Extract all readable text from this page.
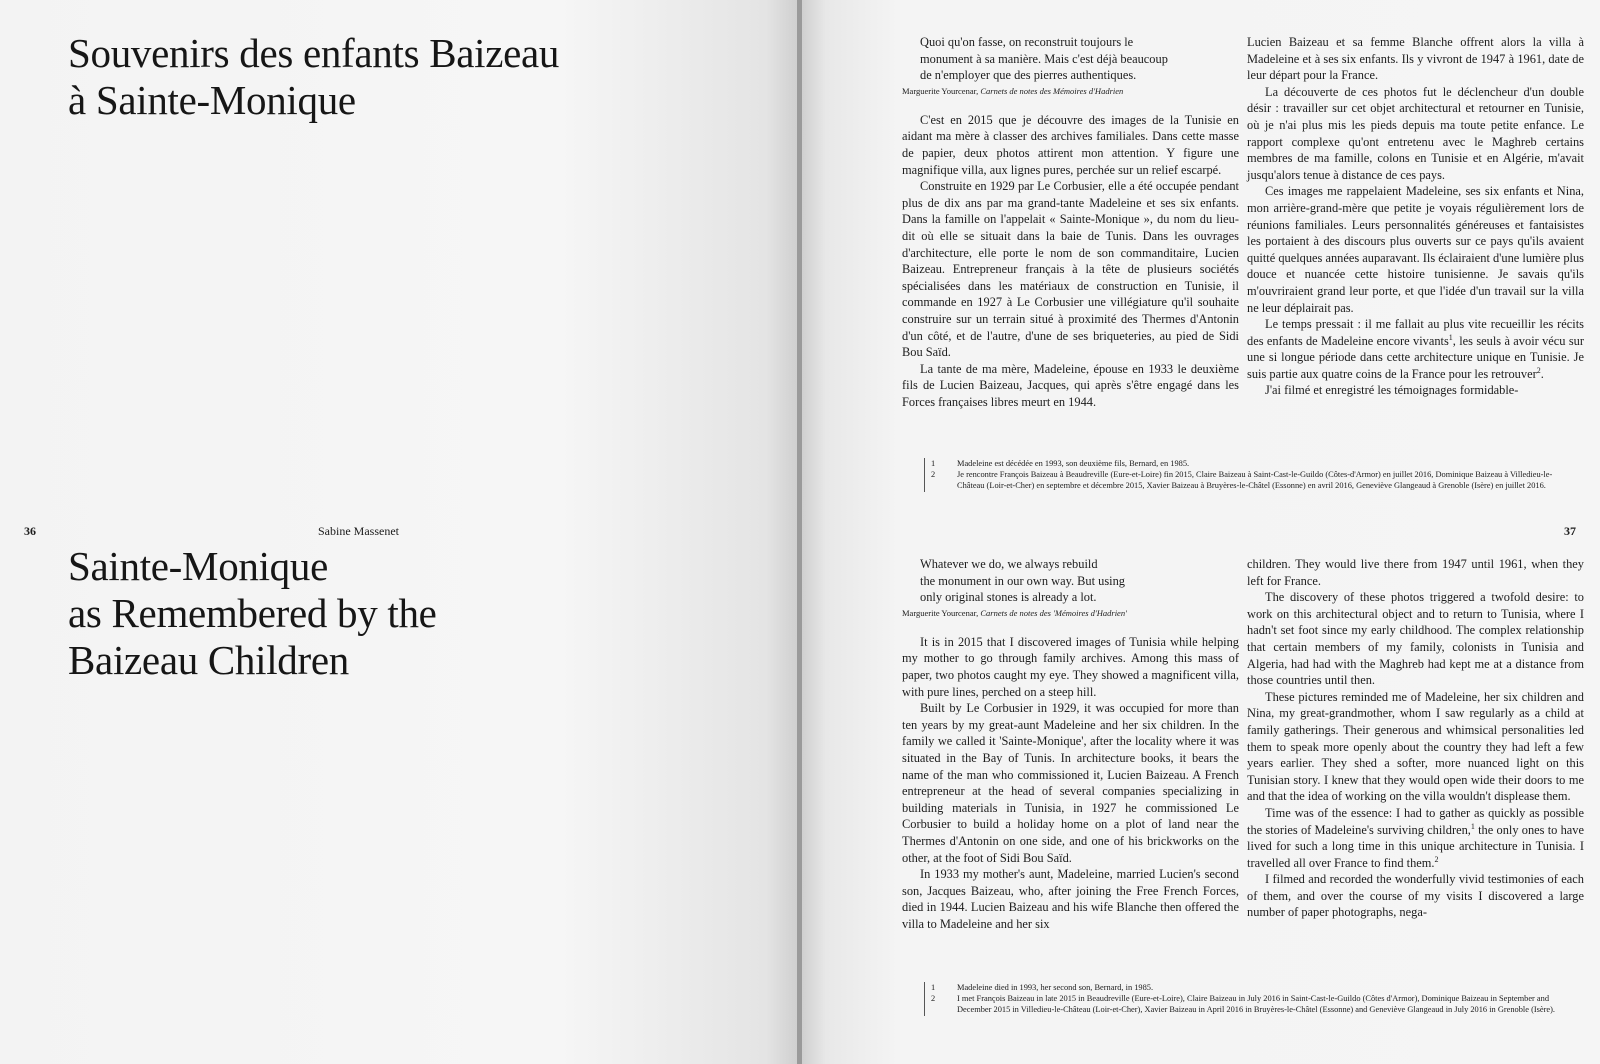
Souvenirs des enfants Baizeau
à Sainte-Monique
36	Sabine Massenet
Sainte-Monique
as Remembered by the
Baizeau Children
Quoi qu'on fasse, on reconstruit toujours le
monument à sa manière. Mais c'est déjà beaucoup
de n'employer que des pierres authentiques.
Marguerite Yourcenar, Carnets de notes des Mémoires d'Hadrien

C'est en 2015 que je découvre des images de la Tunisie en aidant ma mère à classer des archives familiales. Dans cette masse de papier, deux photos attirent mon attention. Y figure une magnifique villa, aux lignes pures, perchée sur un relief escarpé.

Construite en 1929 par Le Corbusier, elle a été occupée pendant plus de dix ans par ma grand-tante Madeleine et ses six enfants. Dans la famille on l'appelait « Sainte-Monique », du nom du lieu-dit où elle se situait dans la baie de Tunis. Dans les ouvrages d'architecture, elle porte le nom de son commanditaire, Lucien Baizeau. Entrepreneur français à la tête de plusieurs sociétés spécialisées dans les matériaux de construction en Tunisie, il commande en 1927 à Le Corbusier une villégiature qu'il souhaite construire sur un terrain situé à proximité des Thermes d'Antonin d'un côté, et de l'autre, d'une de ses briqueteries, au pied de Sidi Bou Saïd.

La tante de ma mère, Madeleine, épouse en 1933 le deuxième fils de Lucien Baizeau, Jacques, qui après s'être engagé dans les Forces françaises libres meurt en 1944.

Lucien Baizeau et sa femme Blanche offrent alors la villa à Madeleine et à ses six enfants. Ils y vivront de 1947 à 1961, date de leur départ pour la France.

La découverte de ces photos fut le déclencheur d'un double désir : travailler sur cet objet architectural et retourner en Tunisie, où je n'ai plus mis les pieds depuis ma toute petite enfance. Le rapport complexe qu'ont entretenu avec le Maghreb certains membres de ma famille, colons en Tunisie et en Algérie, m'avait jusqu'alors tenue à distance de ces pays.

Ces images me rappelaient Madeleine, ses six enfants et Nina, mon arrière-grand-mère que petite je voyais régulièrement lors de réunions familiales. Leurs personnalités généreuses et fantaisistes les portaient à des discours plus ouverts sur ce pays qu'ils avaient quitté quelques années auparavant. Ils éclairaient d'une lumière plus douce et nuancée cette histoire tunisienne. Je savais qu'ils m'ouvriraient grand leur porte, et que l'idée d'un travail sur la villa ne leur déplairait pas.

Le temps pressait : il me fallait au plus vite recueillir les récits des enfants de Madeleine encore vivants$^1$, les seuls à avoir vécu sur une si longue période dans cette architecture unique en Tunisie. Je suis partie aux quatre coins de la France pour les retrouver$^2$.

J'ai filmé et enregistré les témoignages formidable-

1	Madeleine est décédée en 1993, son deuxième fils, Bernard, en 1985.
2	Je rencontre François Baizeau à Beaudreville (Eure-et-Loire) fin 2015, Claire Baizeau à Saint-Cast-le-Guildo (Côtes-d'Armor) en juillet 2016, Dominique Baizeau à Villedieu-le-Château (Loir-et-Cher) en septembre et décembre 2015, Xavier Baizeau à Bruyères-le-Châtel (Essonne) en avril 2016, Geneviève Glangeaud à Grenoble (Isère) en juillet 2016.
37
Whatever we do, we always rebuild
the monument in our own way. But using
only original stones is already a lot.
Marguerite Yourcenar, Carnets de notes des 'Mémoires d'Hadrien'

It is in 2015 that I discovered images of Tunisia while helping my mother to go through family archives. Among this mass of paper, two photos caught my eye. They showed a magnificent villa, with pure lines, perched on a steep hill.

Built by Le Corbusier in 1929, it was occupied for more than ten years by my great-aunt Madeleine and her six children. In the family we called it 'Sainte-Monique', after the locality where it was situated in the Bay of Tunis. In architecture books, it bears the name of the man who commissioned it, Lucien Baizeau. A French entrepreneur at the head of several companies specializing in building materials in Tunisia, in 1927 he commissioned Le Corbusier to build a holiday home on a plot of land near the Thermes d'Antonin on one side, and one of his brickworks on the other, at the foot of Sidi Bou Saïd.

In 1933 my mother's aunt, Madeleine, married Lucien's second son, Jacques Baizeau, who, after joining the Free French Forces, died in 1944. Lucien Baizeau and his wife Blanche then offered the villa to Madeleine and her six

children. They would live there from 1947 until 1961, when they left for France.

The discovery of these photos triggered a twofold desire: to work on this architectural object and to return to Tunisia, where I hadn't set foot since my early childhood. The complex relationship that certain members of my family, colonists in Tunisia and Algeria, had had with the Maghreb had kept me at a distance from those countries until then.

These pictures reminded me of Madeleine, her six children and Nina, my great-grandmother, whom I saw regularly as a child at family gatherings. Their generous and whimsical personalities led them to speak more openly about the country they had left a few years earlier. They shed a softer, more nuanced light on this Tunisian story. I knew that they would open wide their doors to me and that the idea of working on the villa wouldn't displease them.

Time was of the essence: I had to gather as quickly as possible the stories of Madeleine's surviving children,$^1$ the only ones to have lived for such a long time in this unique architecture in Tunisia. I travelled all over France to find them.$^2$

I filmed and recorded the wonderfully vivid testimonies of each of them, and over the course of my visits I discovered a large number of paper photographs, nega-

1	Madeleine died in 1993, her second son, Bernard, in 1985.
2	I met François Baizeau in late 2015 in Beaudreville (Eure-et-Loire), Claire Baizeau in July 2016 in Saint-Cast-le-Guildo (Côtes d'Armor), Dominique Baizeau in September and December 2015 in Villedieu-le-Château (Loir-et-Cher), Xavier Baizeau in April 2016 in Bruyères-le-Châtel (Essonne) and Geneviève Glangeaud in July 2016 in Grenoble (Isère).
